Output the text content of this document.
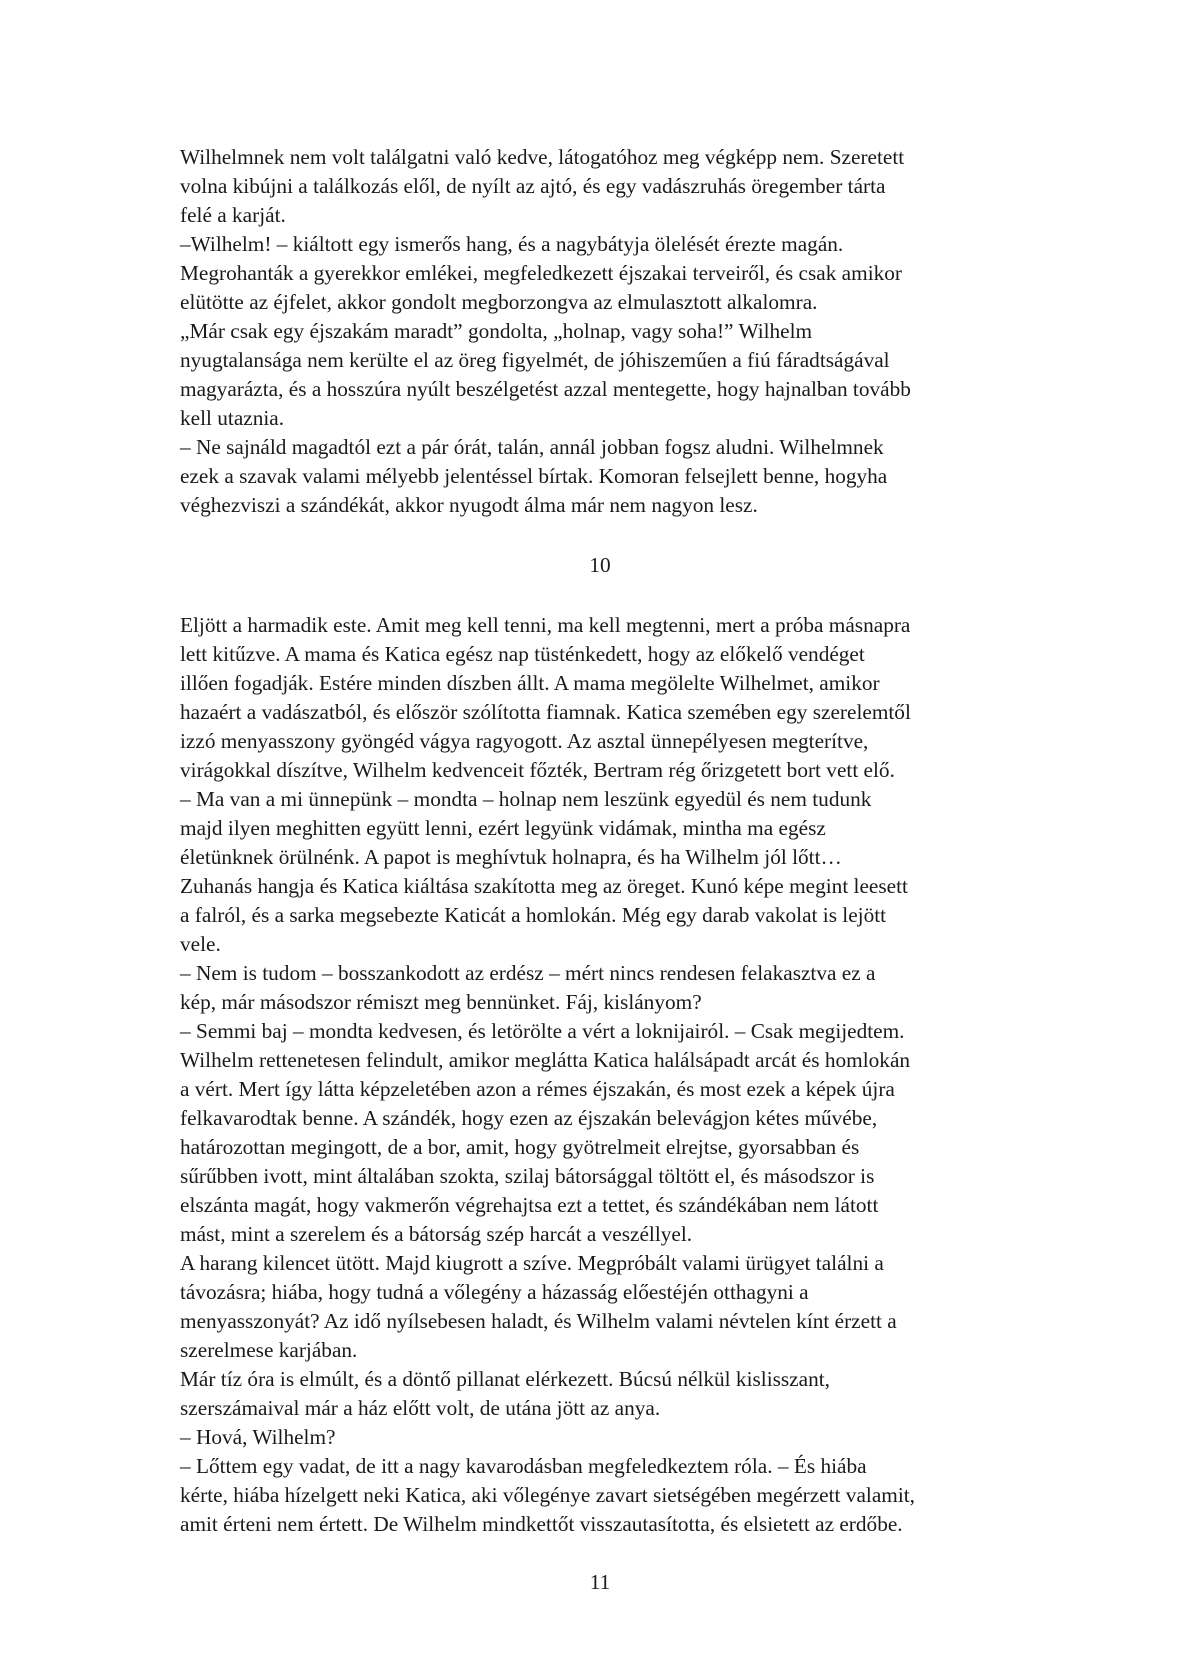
Wilhelmnek nem volt találgatni való kedve, látogatóhoz meg végképp nem. Szeretett
volna kibújni a találkozás elől, de nyílt az ajtó, és egy vadászruhás öregember tárta
felé a karját.

–Wilhelm! – kiáltott egy ismerős hang, és a nagybátyja ölelését érezte magán.
Megrohanták a gyerekkor emlékei, megfeledkezett éjszakai terveiről, és csak amikor
elütötte az éjfelet, akkor gondolt megborzongva az elmulasztott alkalomra.

„Már csak egy éjszakám maradt” gondolta, „holnap, vagy soha!” Wilhelm
nyugtalansága nem kerülte el az öreg figyelmét, de jóhiszeműen a fiú fáradtságával
magyarázta, és a hosszúra nyúlt beszélgetést azzal mentegette, hogy hajnalban tovább
kell utaznia.

– Ne sajnáld magadtól ezt a pár órát, talán, annál jobban fogsz aludni. Wilhelmnek
ezek a szavak valami mélyebb jelentéssel bírtak. Komoran felsejlett benne, hogyha
véghezviszi a szándékát, akkor nyugodt álma már nem nagyon lesz.

10

Eljött a harmadik este. Amit meg kell tenni, ma kell megtenni, mert a próba másnapra
lett kitűzve. A mama és Katica egész nap tüsténkedett, hogy az előkelő vendéget
illően fogadják. Estére minden díszben állt. A mama megölelte Wilhelmet, amikor
hazaért a vadászatból, és először szólította fiamnak. Katica szemében egy szerelemtől
izzó menyasszony gyöngéd vágya ragyogott. Az asztal ünnepélyesen megterítve,
virágokkal díszítve, Wilhelm kedvenceit főzték, Bertram rég őrizgetett bort vett elő.

– Ma van a mi ünnepünk – mondta – holnap nem leszünk egyedül és nem tudunk
majd ilyen meghitten együtt lenni, ezért legyünk vidámak, mintha ma egész
életünknek örülnénk. A papot is meghívtuk holnapra, és ha Wilhelm jól lőtt…

Zuhanás hangja és Katica kiáltása szakította meg az öreget. Kunó képe megint leesett
a falról, és a sarka megsebezte Katicát a homlokán. Még egy darab vakolat is lejött
vele.

– Nem is tudom – bosszankodott az erdész – mért nincs rendesen felakasztva ez a
kép, már másodszor rémiszt meg bennünket. Fáj, kislányom?

– Semmi baj – mondta kedvesen, és letörölte a vért a loknijairól. – Csak megijedtem.

Wilhelm rettenetesen felindult, amikor meglátta Katica halálsápadt arcát és homlokán
a vért. Mert így látta képzeletében azon a rémes éjszakán, és most ezek a képek újra
felkavarodtak benne. A szándék, hogy ezen az éjszakán belevágjon kétes művébe,
határozottan megingott, de a bor, amit, hogy gyötrelmeit elrejtse, gyorsabban és
sűrűbben ivott, mint általában szokta, szilaj bátorsággal töltött el, és másodszor is
elszánta magát, hogy vakmerőn végrehajtsa ezt a tettet, és szándékában nem látott
mást, mint a szerelem és a bátorság szép harcát a veszéllyel.

A harang kilencet ütött. Majd kiugrott a szíve. Megpróbált valami ürügyet találni a
távozásra; hiába, hogy tudná a vőlegény a házasság előestéjén otthagyni a
menyasszonyát? Az idő nyílsebesen haladt, és Wilhelm valami névtelen kínt érzett a
szerelmese karjában.

Már tíz óra is elmúlt, és a döntő pillanat elérkezett. Búcsú nélkül kislisszant,
szerszámaival már a ház előtt volt, de utána jött az anya.

– Hová, Wilhelm?

– Lőttem egy vadat, de itt a nagy kavarodásban megfeledkeztem róla. – És hiába
kérte, hiába hízelgett neki Katica, aki vőlegénye zavart sietségében megérzett valamit,
amit érteni nem értett. De Wilhelm mindkettőt visszautasította, és elsietett az erdőbe.

11
